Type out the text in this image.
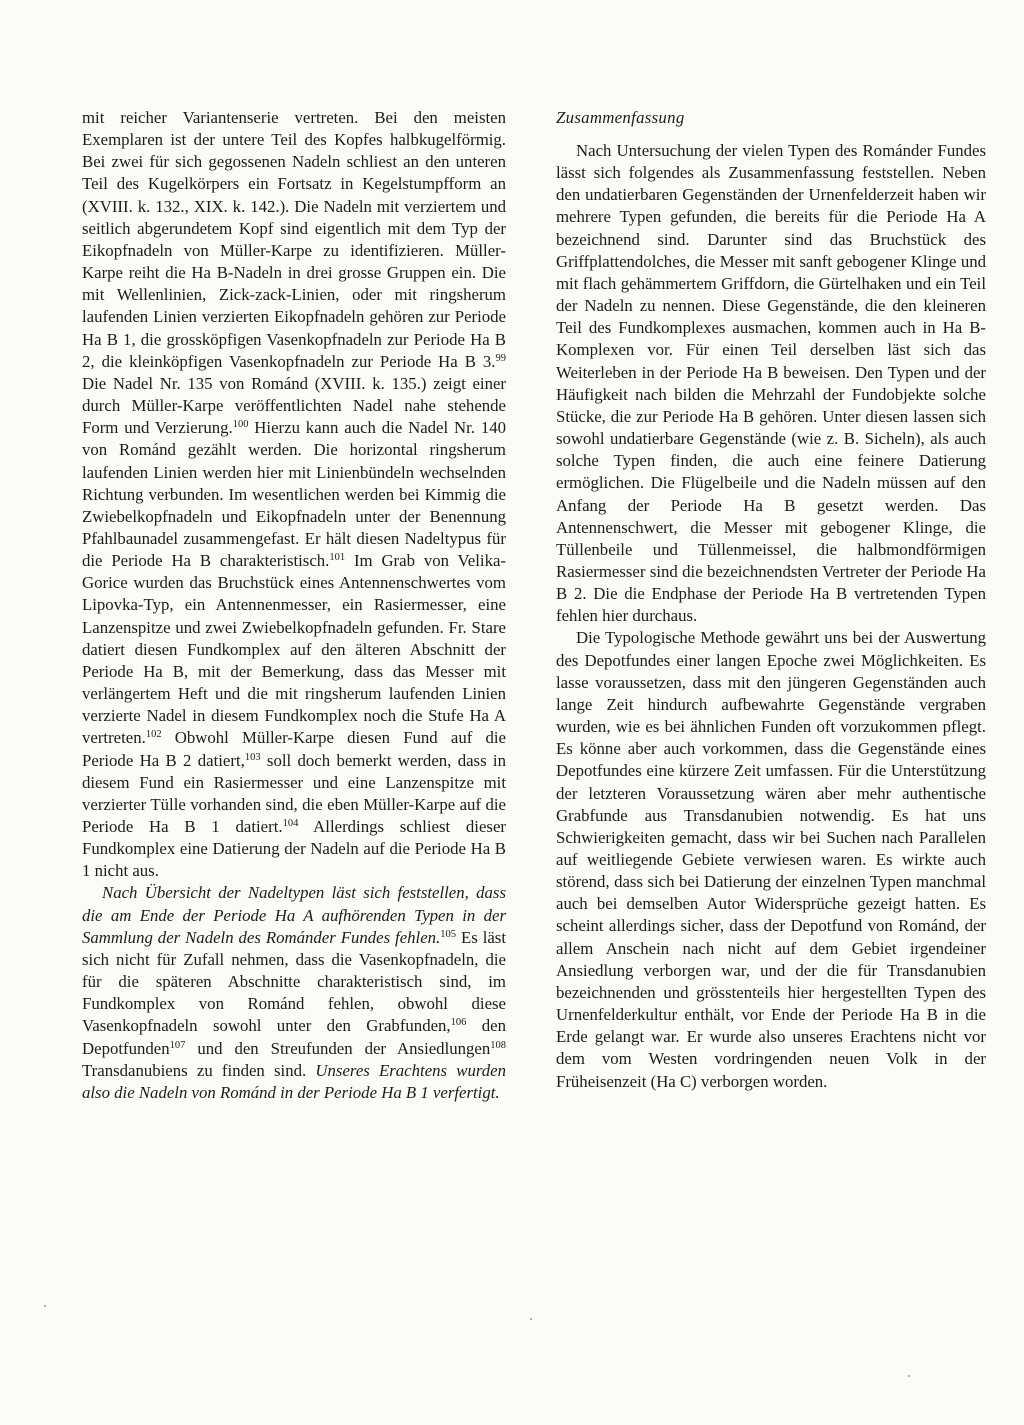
mit reicher Variantenserie vertreten. Bei den meisten Exemplaren ist der untere Teil des Kopfes halbkugelförmig. Bei zwei für sich gegossenen Nadeln schliest an den unteren Teil des Kugelkörpers ein Fortsatz in Kegelstumpfform an (XVIII. k. 132., XIX. k. 142.). Die Nadeln mit verziertem und seitlich abgerundetem Kopf sind eigentlich mit dem Typ der Eikopfnadeln von Müller-Karpe zu identifizieren. Müller-Karpe reiht die Ha B-Nadeln in drei grosse Gruppen ein. Die mit Wellenlinien, Zick-zack-Linien, oder mit ringsherum laufenden Linien verzierten Eikopfnadeln gehören zur Periode Ha B 1, die grossköpfigen Vasenkopfnadeln zur Periode Ha B 2, die kleinköpfigen Vasenkopfnadeln zur Periode Ha B 3.99 Die Nadel Nr. 135 von Románd (XVIII. k. 135.) zeigt einer durch Müller-Karpe veröffentlichten Nadel nahe stehende Form und Verzierung.$^{100}$ Hierzu kann auch die Nadel Nr. 140 von Románd gezählt werden. Die horizontal ringsherum laufenden Linien werden hier mit Linienbündeln wechselnden Richtung verbunden. Im wesentlichen werden bei Kimmig die Zwiebelkopfnadeln und Eikopfnadeln unter der Benennung Pfahlbaunadel zusammengefast. Er hält diesen Nadeltypus für die Periode Ha B charakteristisch.$^{101}$ Im Grab von Velika-Gorice wurden das Bruchstück eines Antennenschwertes vom Lipovka-Typ, ein Antennenmesser, ein Rasiermesser, eine Lanzenspitze und zwei Zwiebelkopfnadeln gefunden. Fr. Stare datiert diesen Fundkomplex auf den älteren Abschnitt der Periode Ha B, mit der Bemerkung, dass das Messer mit verlängertem Heft und die mit ringsherum laufenden Linien verzierte Nadel in diesem Fundkomplex noch die Stufe Ha A vertreten.$^{102}$ Obwohl Müller-Karpe diesen Fund auf die Periode Ha B 2 datiert,$^{103}$ soll doch bemerkt werden, dass in diesem Fund ein Rasiermesser und eine Lanzenspitze mit verzierter Tülle vorhanden sind, die eben Müller-Karpe auf die Periode Ha B 1 datiert.$^{104}$ Allerdings schliest dieser Fundkomplex eine Datierung der Nadeln auf die Periode Ha B 1 nicht aus.

Nach Übersicht der Nadeltypen läst sich feststellen, dass die am Ende der Periode Ha A aufhörenden Typen in der Sammlung der Nadeln des Románder Fundes fehlen.$^{105}$ Es läst sich nicht für Zufall nehmen, dass die Vasenkopfnadeln, die für die späteren Abschnitte charakteristisch sind, im Fundkomplex von Románd fehlen, obwohl diese Vasenkopfnadeln sowohl unter den Grabfunden,$^{106}$ den Depotfunden$^{107}$ und den Streufunden der Ansiedlungen$^{108}$ Transdanubiens zu finden sind. Unseres Erachtens wurden also die Nadeln von Románd in der Periode Ha B 1 verfertigt.

Zusammenfassung

Nach Untersuchung der vielen Typen des Románder Fundes lässt sich folgendes als Zusammenfassung feststellen. Neben den undatierbaren Gegenständen der Urnenfelderzeit haben wir mehrere Typen gefunden, die bereits für die Periode Ha A bezeichnend sind. Darunter sind das Bruchstück des Griffplattendolches, die Messer mit sanft gebogener Klinge und mit flach gehämmertem Griffdorn, die Gürtelhaken und ein Teil der Nadeln zu nennen. Diese Gegenstände, die den kleineren Teil des Fundkomplexes ausmachen, kommen auch in Ha B-Komplexen vor. Für einen Teil derselben läst sich das Weiterleben in der Periode Ha B beweisen. Den Typen und der Häufigkeit nach bilden die Mehrzahl der Fundobjekte solche Stücke, die zur Periode Ha B gehören. Unter diesen lassen sich sowohl undatierbare Gegenstände (wie z. B. Sicheln), als auch solche Typen finden, die auch eine feinere Datierung ermöglichen. Die Flügelbeile und die Nadeln müssen auf den Anfang der Periode Ha B gesetzt werden. Das Antennenschwert, die Messer mit gebogener Klinge, die Tüllenbeile und Tüllenmeissel, die halbmondförmigen Rasiermesser sind die bezeichnendsten Vertreter der Periode Ha B 2. Die die Endphase der Periode Ha B vertretenden Typen fehlen hier durchaus.

Die Typologische Methode gewährt uns bei der Auswertung des Depotfundes einer langen Epoche zwei Möglichkeiten. Es lasse voraussetzen, dass mit den jüngeren Gegenständen auch lange Zeit hindurch aufbewahrte Gegenstände vergraben wurden, wie es bei ähnlichen Funden oft vorzukommen pflegt. Es könne aber auch vorkommen, dass die Gegenstände eines Depotfundes eine kürzere Zeit umfassen. Für die Unterstützung der letzteren Voraussetzung wären aber mehr authentische Grabfunde aus Transdanubien notwendig. Es hat uns Schwierigkeiten gemacht, dass wir bei Suchen nach Parallelen auf weitliegende Gebiete verwiesen waren. Es wirkte auch störend, dass sich bei Datierung der einzelnen Typen manchmal auch bei demselben Autor Widersprüche gezeigt hatten. Es scheint allerdings sicher, dass der Depotfund von Románd, der allem Anschein nach nicht auf dem Gebiet irgendeiner Ansiedlung verborgen war, und der die für Transdanubien bezeichnenden und grösstenteils hier hergestellten Typen des Urnenfelderkultur enthält, vor Ende der Periode Ha B in die Erde gelangt war. Er wurde also unseres Erachtens nicht vor dem vom Westen vordringenden neuen Volk in der Früheisenzeit (Ha C) verborgen worden.
